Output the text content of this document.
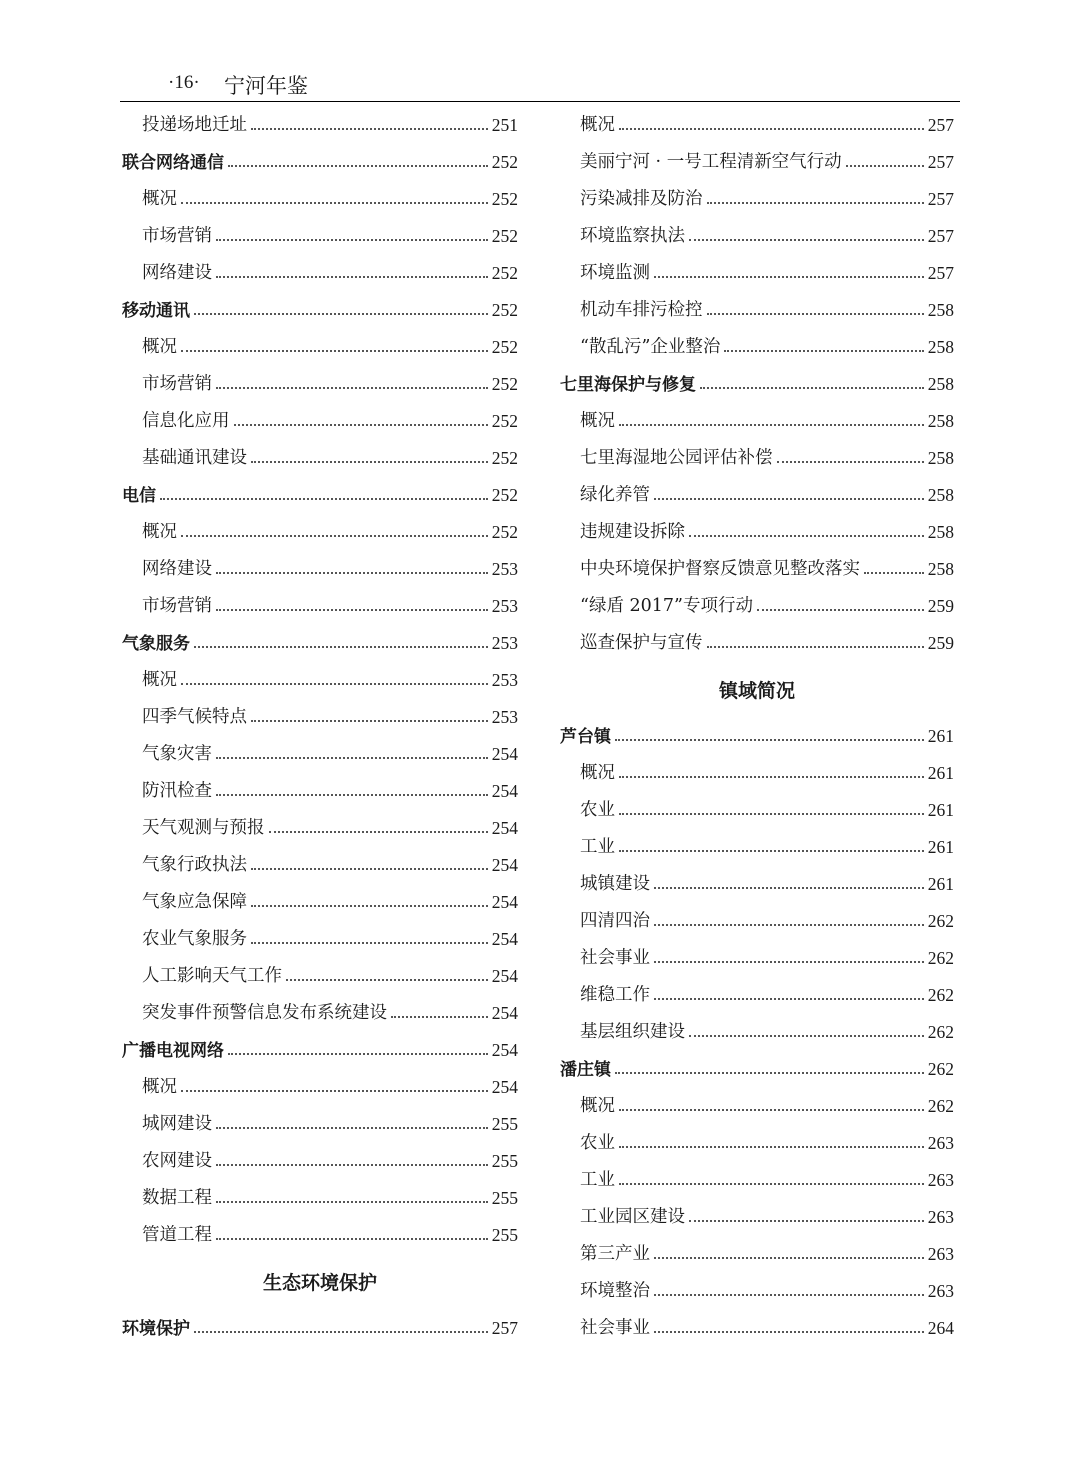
·16· 宁河年鉴
投递场地迁址	251
联合网络通信	252
概况	252
市场营销	252
网络建设	252
移动通讯	252
概况	252
市场营销	252
信息化应用	252
基础通讯建设	252
电信	252
概况	252
网络建设	253
市场营销	253
气象服务	253
概况	253
四季气候特点	253
气象灾害	254
防汛检查	254
天气观测与预报	254
气象行政执法	254
气象应急保障	254
农业气象服务	254
人工影响天气工作	254
突发事件预警信息发布系统建设	254
广播电视网络	254
概况	254
城网建设	255
农网建设	255
数据工程	255
管道工程	255
生态环境保护
环境保护	257
概况	257
美丽宁河 · 一号工程清新空气行动	257
污染减排及防治	257
环境监察执法	257
环境监测	257
机动车排污检控	258
“散乱污”企业整治	258
七里海保护与修复	258
概况	258
七里海湿地公园评估补偿	258
绿化养管	258
违规建设拆除	258
中央环境保护督察反馈意见整改落实	258
“绿盾 2017”专项行动	259
巡查保护与宣传	259
镇域简况
芦台镇	261
概况	261
农业	261
工业	261
城镇建设	261
四清四治	262
社会事业	262
维稳工作	262
基层组织建设	262
潘庄镇	262
概况	262
农业	263
工业	263
工业园区建设	263
第三产业	263
环境整治	263
社会事业	264
